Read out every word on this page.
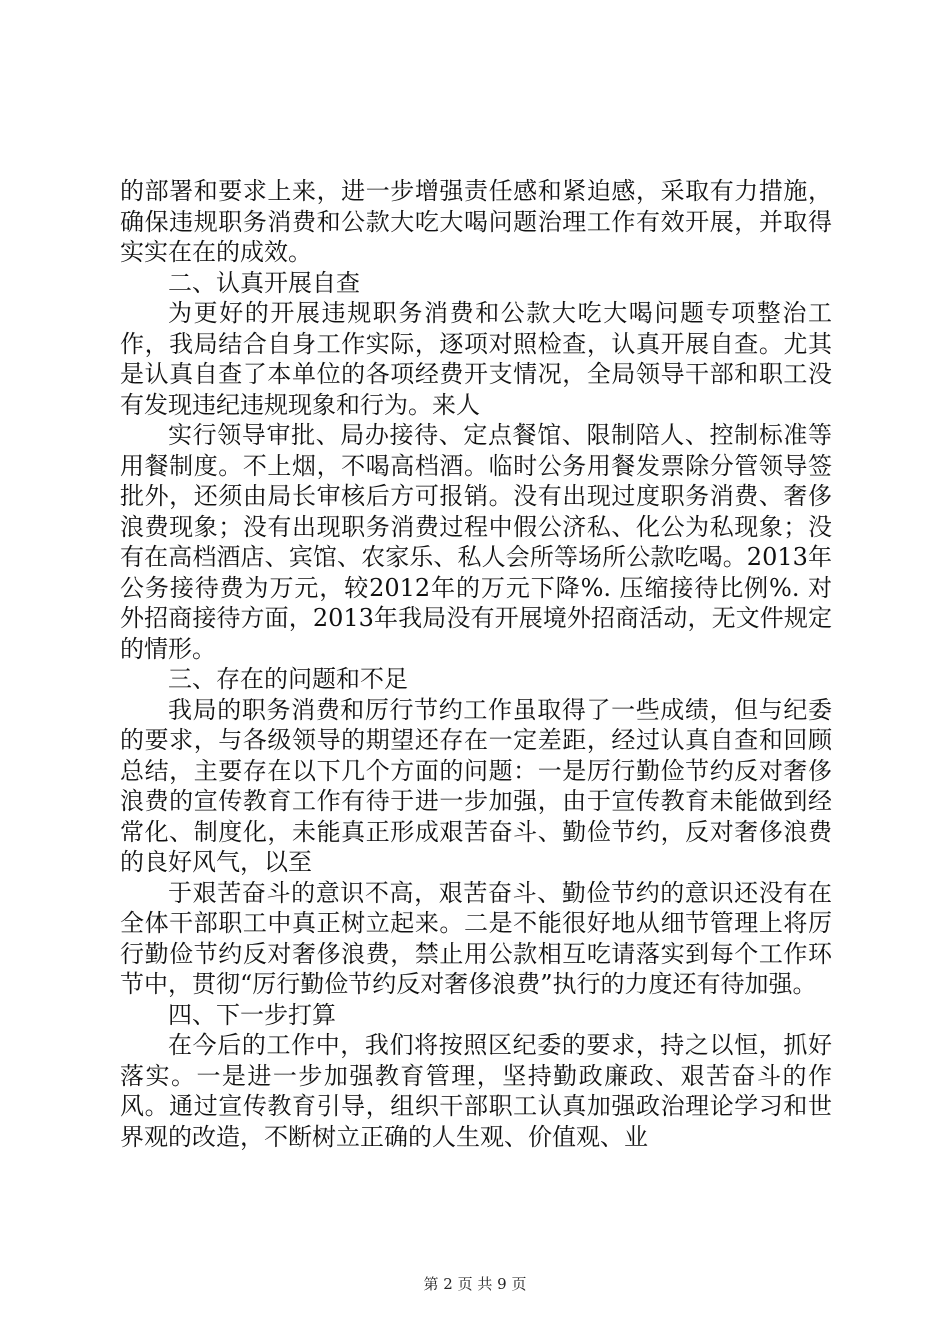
的部署和要求上来，进一步增强责任感和紧迫感，采取有力措施，确保违规职务消费和公款大吃大喝问题治理工作有效开展，并取得实实在在的成效。

二、认真开展自查

为更好的开展违规职务消费和公款大吃大喝问题专项整治工作，我局结合自身工作实际，逐项对照检查，认真开展自查。尤其是认真自查了本单位的各项经费开支情况，全局领导干部和职工没有发现违纪违规现象和行为。来人

实行领导审批、局办接待、定点餐馆、限制陪人、控制标准等用餐制度。不上烟，不喝高档酒。临时公务用餐发票除分管领导签批外，还须由局长审核后方可报销。没有出现过度职务消费、奢侈浪费现象；没有出现职务消费过程中假公济私、化公为私现象；没有在高档酒店、宾馆、农家乐、私人会所等场所公款吃喝。2013年公务接待费为万元，较2012年的万元下降%. 压缩接待比例%. 对外招商接待方面，2013年我局没有开展境外招商活动，无文件规定的情形。

三、存在的问题和不足

我局的职务消费和厉行节约工作虽取得了一些成绩，但与纪委的要求，与各级领导的期望还存在一定差距，经过认真自查和回顾总结，主要存在以下几个方面的问题：一是厉行勤俭节约反对奢侈浪费的宣传教育工作有待于进一步加强，由于宣传教育未能做到经常化、制度化，未能真正形成艰苦奋斗、勤俭节约，反对奢侈浪费的良好风气，以至

于艰苦奋斗的意识不高，艰苦奋斗、勤俭节约的意识还没有在全体干部职工中真正树立起来。二是不能很好地从细节管理上将厉行勤俭节约反对奢侈浪费，禁止用公款相互吃请落实到每个工作环节中，贯彻“厉行勤俭节约反对奢侈浪费”执行的力度还有待加强。

四、下一步打算

在今后的工作中，我们将按照区纪委的要求，持之以恒，抓好落实。一是进一步加强教育管理，坚持勤政廉政、艰苦奋斗的作风。通过宣传教育引导，组织干部职工认真加强政治理论学习和世界观的改造，不断树立正确的人生观、价值观、业

第 2 页 共 9 页
